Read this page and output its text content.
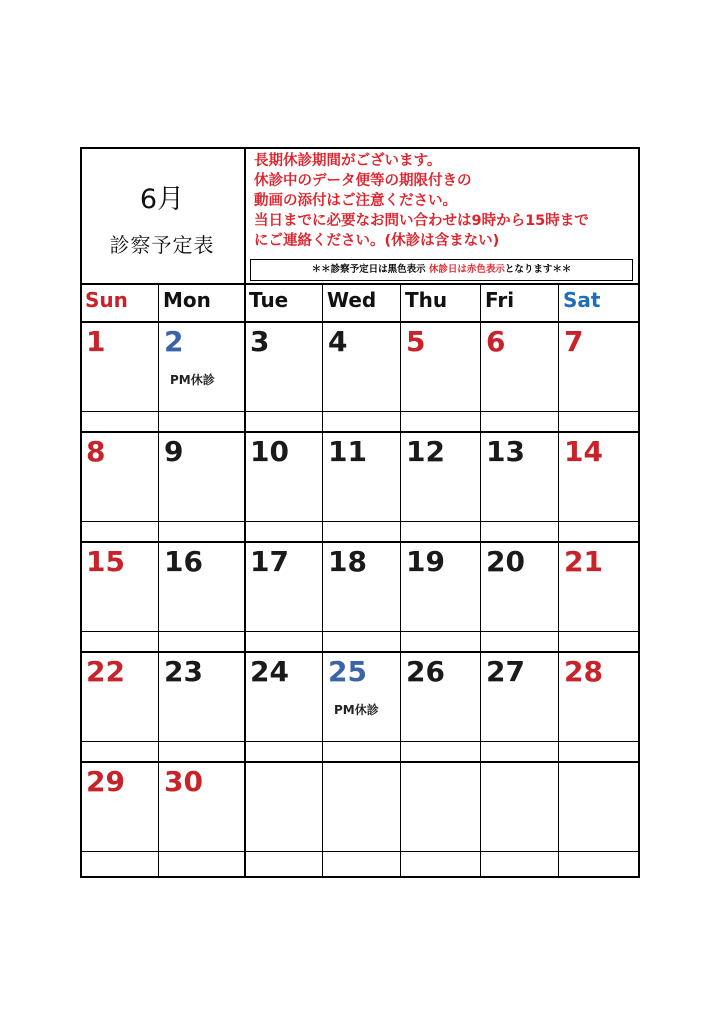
6月
診察予定表
長期休診期間がございます。
休診中のデータ便等の期限付きの
動画の添付はご注意ください。
当日までに必要なお問い合わせは9時から15時まで
にご連絡ください。(休診は含まない)
＊＊診察予定日は黒色表示 休診日は赤色表示となります＊＊
Sun Mon Tue Wed Thu Fri Sat
1 2
PM休診
3 4 5 6 7
8 9 10 11 12 13 14
15 16 17 18 19 20 21
22 23 24 25
PM休診
26 27 28
29 30
